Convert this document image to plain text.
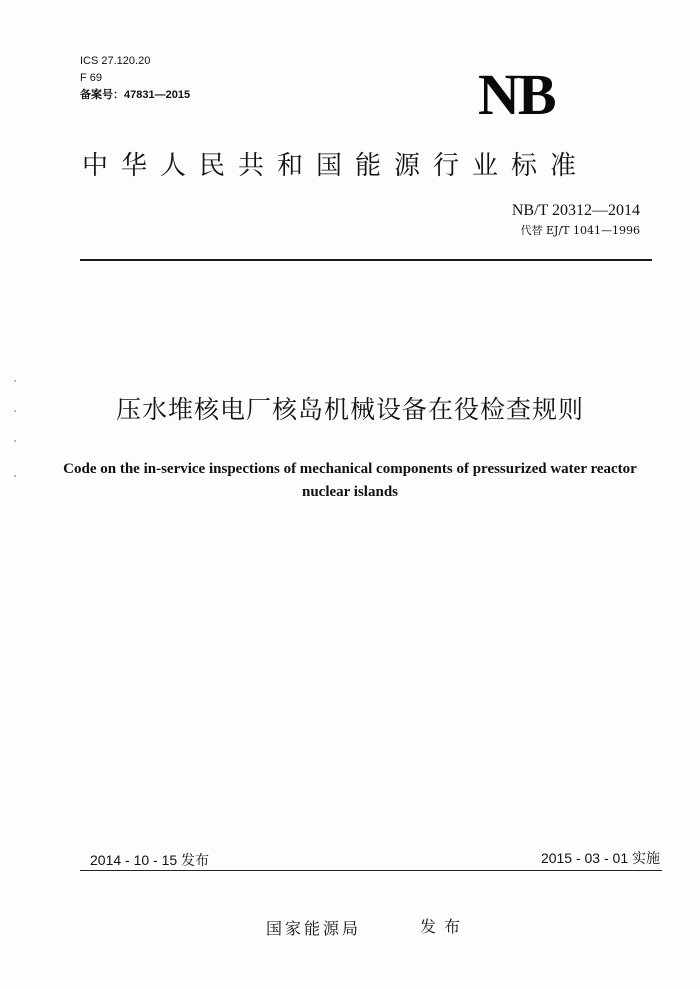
ICS 27.120.20
F 69
备案号：47831—2015	NB
中华人民共和国能源行业标准
NB/T 20312—2014
代替 EJ/T 1041—1996
压水堆核电厂核岛机械设备在役检查规则
Code on the in-service inspections of mechanical components of pressurized water reactor nuclear islands
2014 - 10 - 15 发布	2015 - 03 - 01 实施
国家能源局	发布
